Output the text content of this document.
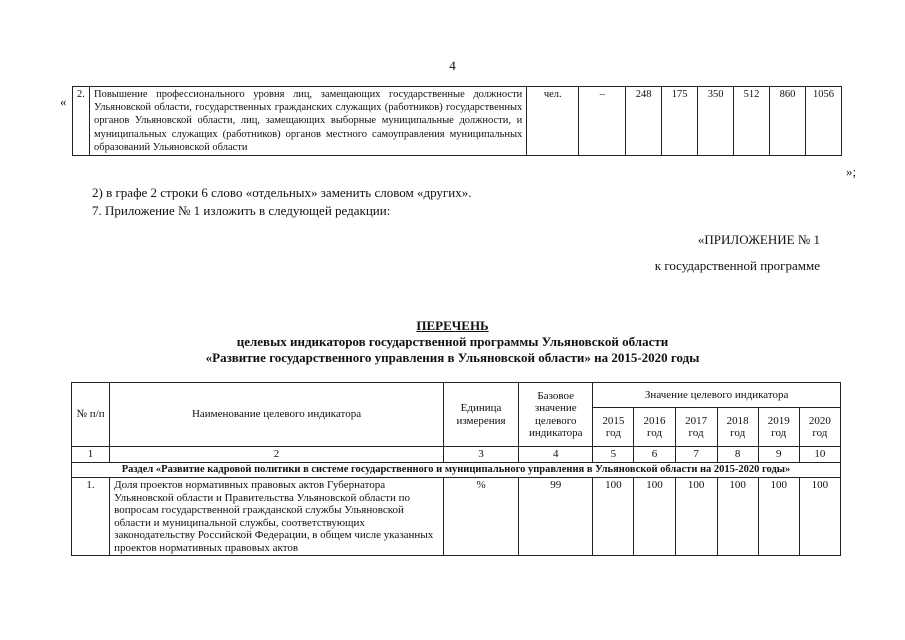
4
« 2.	Повышение профессионального уровня лиц, замещающих государственные должности Ульяновской области, государственных гражданских служащих (работников) государственных органов Ульяновской области, лиц, замещающих выборные муниципальные должности, и муниципальных служащих (работников) органов местного самоуправления муниципальных образований Ульяновской области	чел.	–	248	175	350	512	860	1056
»;
2) в графе 2 строки 6 слово «отдельных» заменить словом «других».
7. Приложение № 1 изложить в следующей редакции:
«ПРИЛОЖЕНИЕ № 1
к государственной программе
ПЕРЕЧЕНЬ
целевых индикаторов государственной программы Ульяновской области
«Развитие государственного управления в Ульяновской области» на 2015-2020 годы
№ п/п	Наименование целевого индикатора	Единица измерения	Базовое значение целевого индикатора	Значение целевого индикатора					
				2015 год	2016 год	2017 год	2018 год	2019 год	2020 год
1	2	3	4	5	6	7	8	9	10
Раздел «Развитие кадровой политики в системе государственного и муниципального управления в Ульяновской области на 2015-2020 годы»									
1.	Доля проектов нормативных правовых актов Губернатора Ульяновской области и Правительства Ульяновской области по вопросам государственной гражданской службы Ульяновской области и муниципальной службы, соответствующих законодательству Российской Федерации, в общем числе указанных проектов нормативных правовых актов	%	99	100	100	100	100	100	100
